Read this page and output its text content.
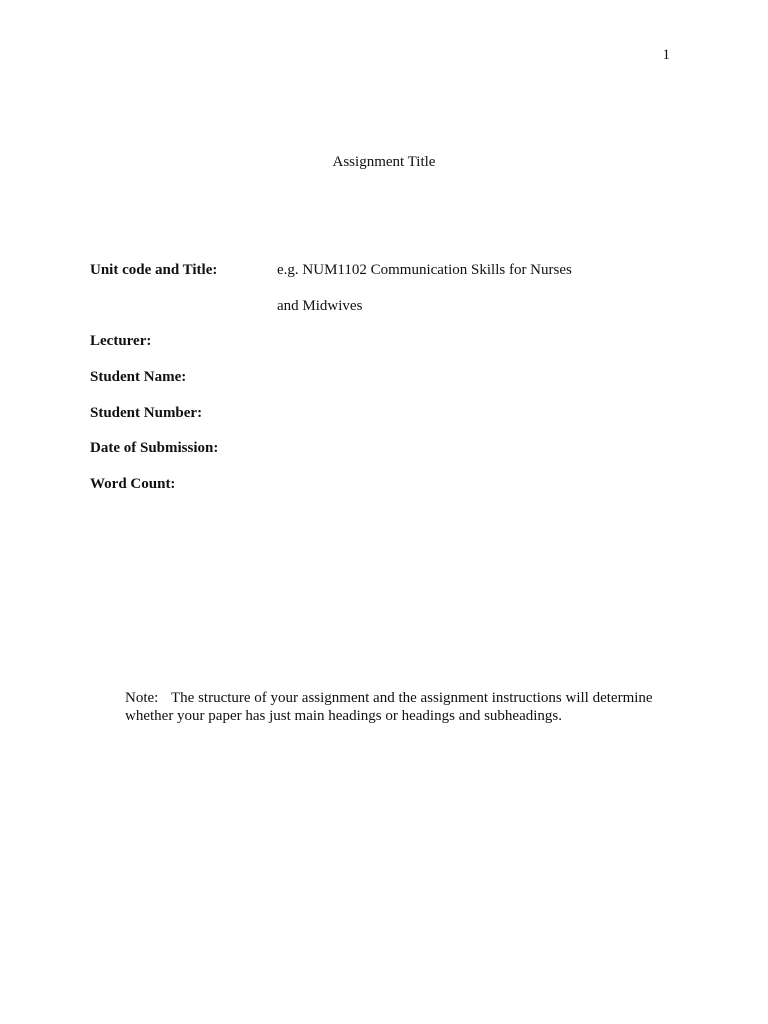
1
Assignment Title
Unit code and Title:	e.g. NUM1102 Communication Skills for Nurses
and Midwives
Lecturer:
Student Name:
Student Number:
Date of Submission:
Word Count:
Note: The structure of your assignment and the assignment instructions will determine
whether your paper has just main headings or headings and subheadings.
